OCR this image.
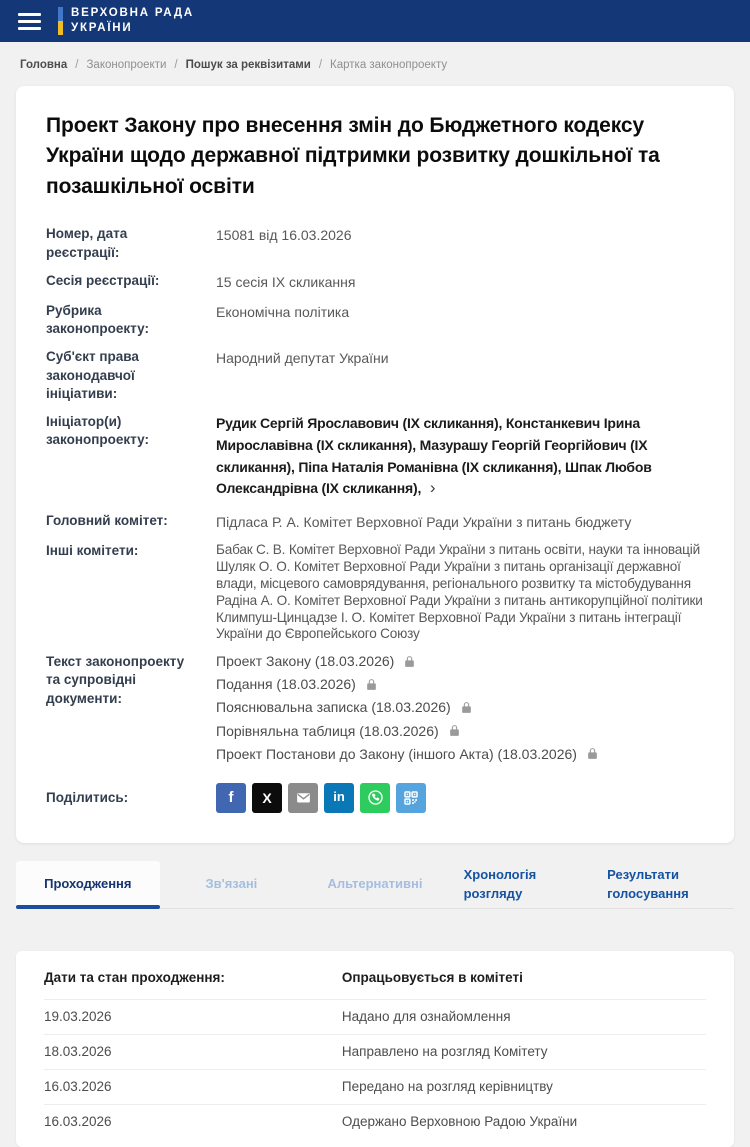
ВЕРХОВНА РАДА
УКРАЇНИ
Головна / Законопроекти / Пошук за реквізитами / Картка законопроекту
Проект Закону про внесення змін до Бюджетного кодексу України щодо державної підтримки розвитку дошкільної та позашкільної освіти
Номер, дата реєстрації:
15081 від 16.03.2026
Сесія реєстрації:	15 сесія IX скликання
Рубрика законопроекту:
Економічна політика
Суб'єкт права законодавчої ініціативи:
Народний депутат України
Ініціатор(и) законопроекту:
Рудик Сергій Ярославович (IX скликання), Констанкевич Ірина Мирославівна (IX скликання), Мазурашу Георгій Георгійович (IX скликання), Піпа Наталія Романівна (IX скликання), Шпак Любов Олександрівна (IX скликання), ›
Головний комітет:	Підласа Р. А. Комітет Верховної Ради України з питань бюджету
Інші комітети:	Бабак С. В. Комітет Верховної Ради України з питань освіти, науки та інновацій
Шуляк О. О. Комітет Верховної Ради України з питань організації державної влади, місцевого самоврядування, регіонального розвитку та містобудування
Радіна А. О. Комітет Верховної Ради України з питань антикорупційної політики
Климпуш-Цинцадзе І. О. Комітет Верховної Ради України з питань інтеграції України до Європейського Союзу
Текст законопроекту та супровідні документи:
Проект Закону (18.03.2026)
Подання (18.03.2026)
Пояснювальна записка (18.03.2026)
Порівняльна таблиця (18.03.2026)
Проект Постанови до Закону (іншого Акта) (18.03.2026)
Поділитись:	f X	in
Проходження	Зв'язані	Альтернативні
Хронологія розгляду
Результати голосування
Дати та стан проходження:	Опрацьовується в комітеті
19.03.2026	Надано для ознайомлення
18.03.2026	Направлено на розгляд Комітету
16.03.2026	Передано на розгляд керівництву
16.03.2026	Одержано Верховною Радою України
